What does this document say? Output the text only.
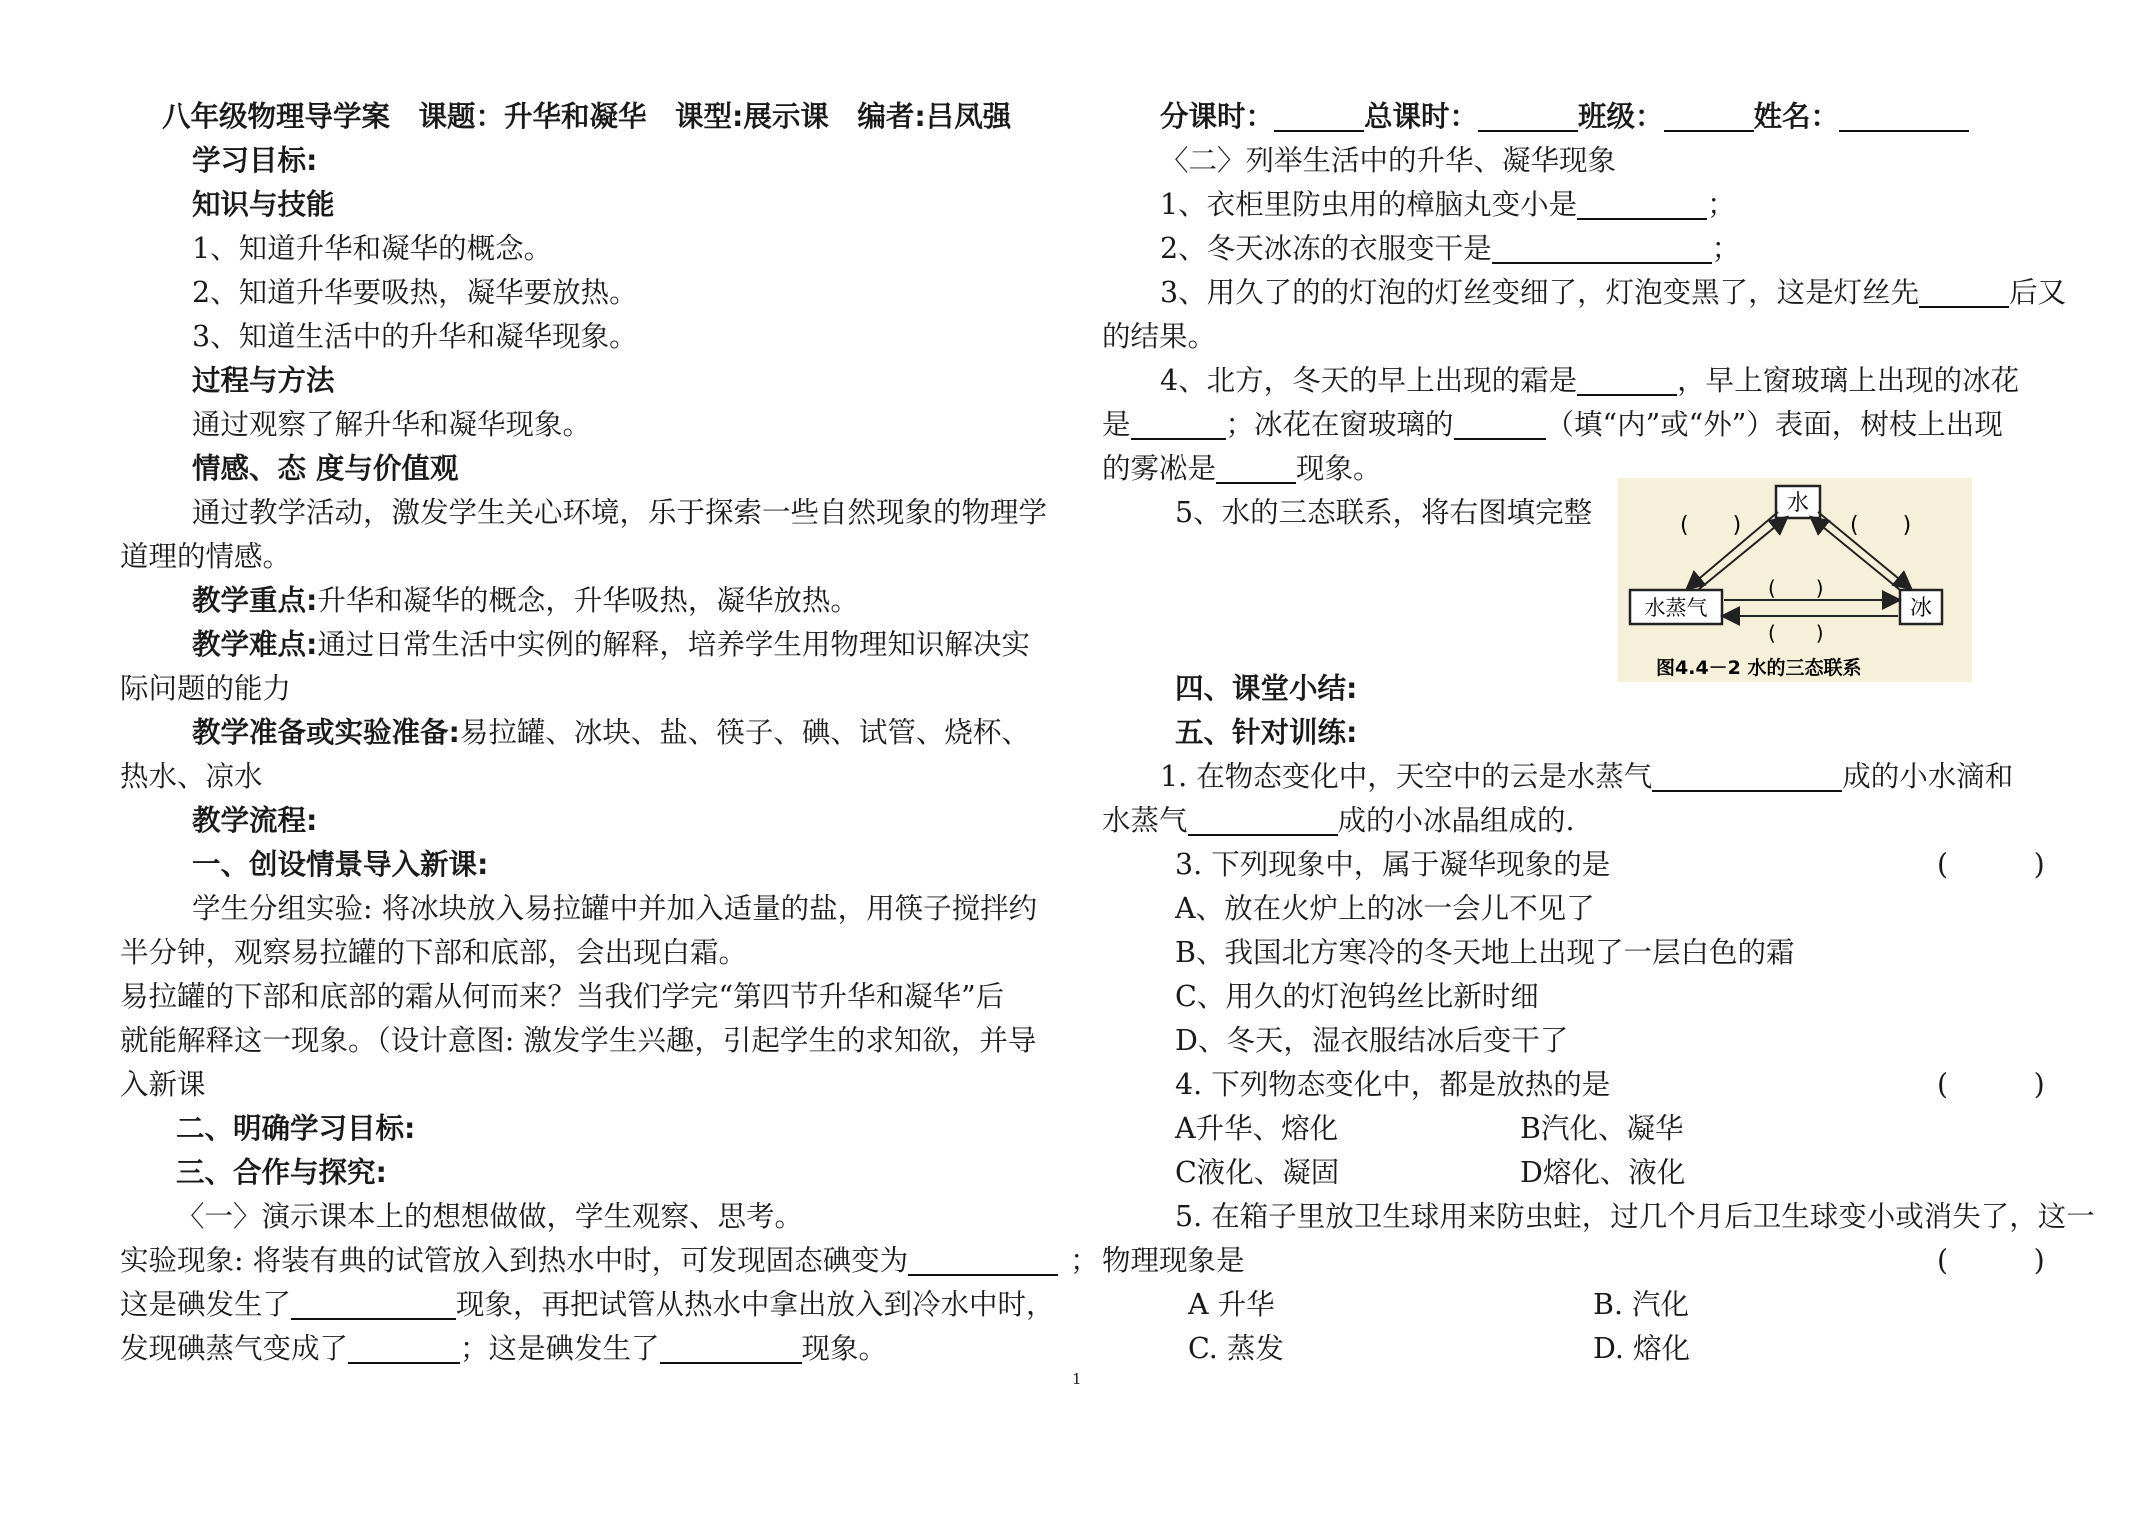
八年级物理导学案　课题：升华和凝华　课型:展示课　编者:吕凤强
学习目标:
知识与技能
1、知道升华和凝华的概念。
2、知道升华要吸热，凝华要放热。
3、知道生活中的升华和凝华现象。
过程与方法
通过观察了解升华和凝华现象。
情感、态 度与价值观
通过教学活动，激发学生关心环境，乐于探索一些自然现象的物理学
道理的情感。
教学重点:升华和凝华的概念，升华吸热，凝华放热。
教学难点:通过日常生活中实例的解释，培养学生用物理知识解决实
际问题的能力
教学准备或实验准备:易拉罐、冰块、盐、筷子、碘、试管、烧杯、
热水、凉水
教学流程:
一、创设情景导入新课:
学生分组实验: 将冰块放入易拉罐中并加入适量的盐，用筷子搅拌约
半分钟，观察易拉罐的下部和底部，会出现白霜。
易拉罐的下部和底部的霜从何而来？当我们学完“第四节升华和凝华”后
就能解释这一现象。（设计意图: 激发学生兴趣，引起学生的求知欲，并导
入新课
二、明确学习目标:
三、合作与探究:
〈一〉演示课本上的想想做做，学生观察、思考。
实验现象: 将装有典的试管放入到热水中时，可发现固态碘变为	；
这是碘发生了	现象，再把试管从热水中拿出放入到冷水中时，
发现碘蒸气变成了	；这是碘发生了	现象。
分课时：	总课时：	班级：	姓名：
〈二〉列举生活中的升华、凝华现象
1、衣柜里防虫用的樟脑丸变小是	；
2、冬天冰冻的衣服变干是	；
3、用久了的的灯泡的灯丝变细了，灯泡变黑了，这是灯丝先	后又
的结果。
4、北方，冬天的早上出现的霜是	，早上窗玻璃上出现的冰花
是	；冰花在窗玻璃的	（填“内”或“外”）表面，树枝上出现
的雾凇是	现象。
5、水的三态联系，将右图填完整	水
水蒸气	冰
(　　)	(　　)
(　　)
(　　)
图4.4－2 水的三态联系
四、课堂小结:
五、针对训练:
1. 在物态变化中，天空中的云是水蒸气	成的小水滴和
水蒸气	成的小冰晶组成的.
3. 下列现象中，属于凝华现象的是	(　　　)
A、放在火炉上的冰一会儿不见了
B、我国北方寒冷的冬天地上出现了一层白色的霜
C、用久的灯泡钨丝比新时细
D、冬天，湿衣服结冰后变干了
4. 下列物态变化中，都是放热的是	(　　　)
A升华、熔化	B汽化、凝华
C液化、凝固	D熔化、液化
5. 在箱子里放卫生球用来防虫蛀，过几个月后卫生球变小或消失了，这一
物理现象是	(　　　)
A 升华	B. 汽化
C. 蒸发	D. 熔化
1
